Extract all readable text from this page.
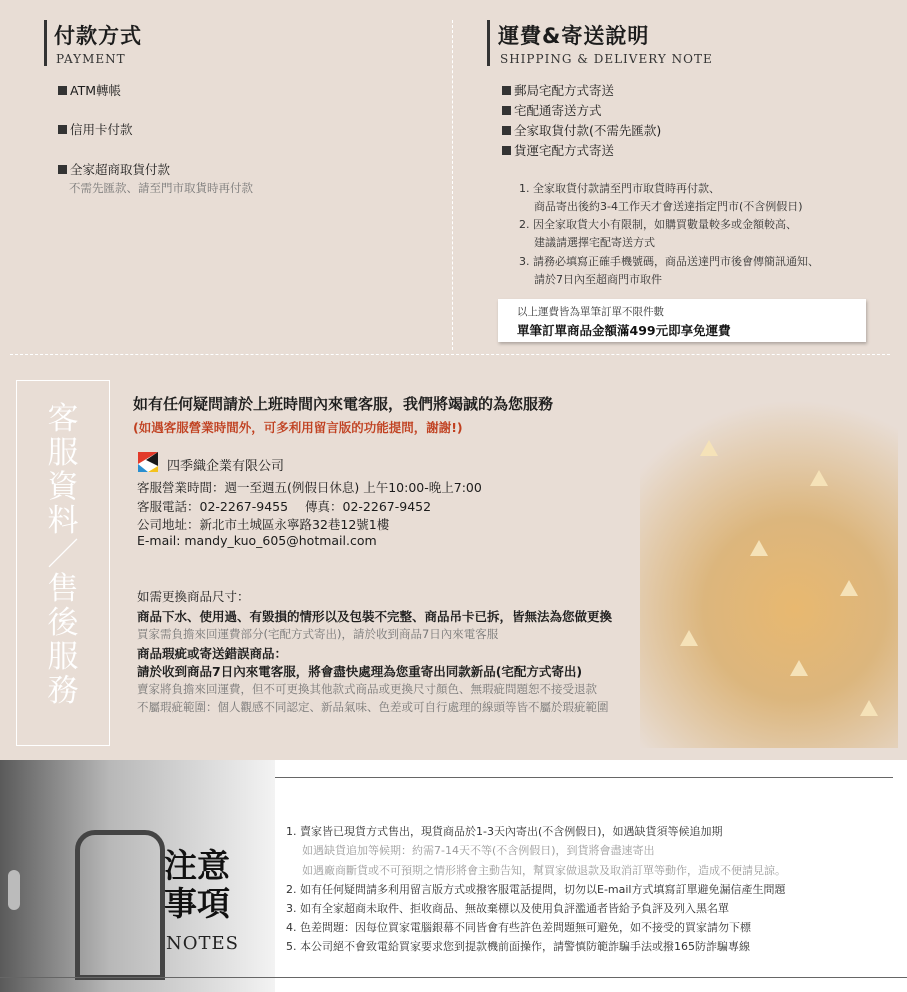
付款方式
PAYMENT
ATM轉帳
信用卡付款
全家超商取貨付款
不需先匯款、請至門市取貨時再付款
運費&寄送說明
SHIPPING & DELIVERY NOTE
郵局宅配方式寄送
宅配通寄送方式
全家取貨付款(不需先匯款)
貨運宅配方式寄送
1. 全家取貨付款請至門市取貨時再付款、
商品寄出後約3-4工作天才會送達指定門市(不含例假日)
2. 因全家取貨大小有限制，如購買數量較多或金額較高、
建議請選擇宅配寄送方式
3. 請務必填寫正確手機號碼，商品送達門市後會傳簡訊通知、
請於7日內至超商門市取件
以上運費皆為單筆訂單不限件數
單筆訂單商品金額滿499元即享免運費
客服資料／售後服務
如有任何疑問請於上班時間內來電客服，我們將竭誠的為您服務
(如遇客服營業時間外，可多利用留言版的功能提問，謝謝!)
四季織企業有限公司
客服營業時間：週一至週五(例假日休息) 上午10:00-晚上7:00
客服電話：02-2267-9455 傳真：02-2267-9452
公司地址：新北市土城區永寧路32巷12號1樓
E-mail: mandy_kuo_605@hotmail.com
如需更換商品尺寸：
商品下水、使用過、有毀損的情形以及包裝不完整、商品吊卡已拆，皆無法為您做更換
買家需負擔來回運費部分(宅配方式寄出)，請於收到商品7日內來電客服
商品瑕疵或寄送錯誤商品：
請於收到商品7日內來電客服，將會盡快處理為您重寄出同款新品(宅配方式寄出)
賣家將負擔來回運費，但不可更換其他款式商品或更換尺寸顏色、無瑕疵問題恕不接受退款
不屬瑕疵範圍：個人觀感不同認定、新品氣味、色差或可自行處理的線頭等皆不屬於瑕疵範圍
注意
事項
NOTES
1. 賣家皆已現貨方式售出，現貨商品於1-3天內寄出(不含例假日)，如遇缺貨須等候追加期
如遇缺貨追加等候期：約需7-14天不等(不含例假日)，到貨將會盡速寄出
如遇廠商斷貨或不可預期之情形將會主動告知，幫買家做退款及取消訂單等動作，造成不便請見諒。
2. 如有任何疑問請多利用留言版方式或撥客服電話提問，切勿以E-mail方式填寫訂單避免漏信產生問題
3. 如有全家超商未取件、拒收商品、無故棄標以及使用負評濫通者皆給予負評及列入黑名單
4. 色差問題：因每位買家電腦銀幕不同皆會有些許色差問題無可避免，如不接受的買家請勿下標
5. 本公司絕不會致電給買家要求您到提款機前面操作，請警慎防範詐騙手法或撥165防詐騙專線
